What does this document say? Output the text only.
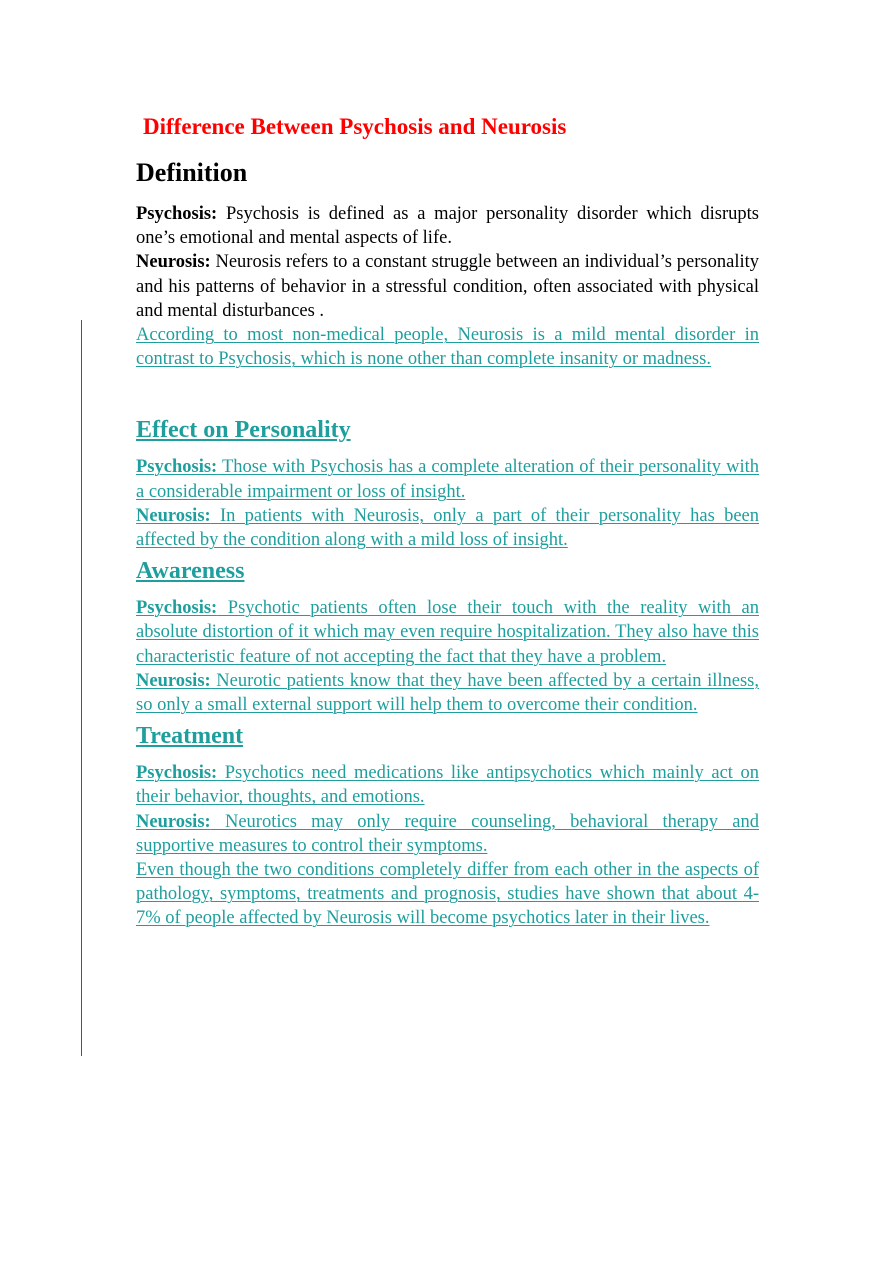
Difference Between Psychosis and Neurosis
Definition

Psychosis: Psychosis is defined as a major personality disorder which disrupts one’s emotional and mental aspects of life.

Neurosis: Neurosis refers to a constant struggle between an individual’s personality and his patterns of behavior in a stressful condition, often associated with physical and mental disturbances .

According to most non-medical people, Neurosis is a mild mental disorder in contrast to Psychosis, which is none other than complete insanity or madness.

Effect on Personality

Psychosis: Those with Psychosis has a complete alteration of their personality with a considerable impairment or loss of insight.

Neurosis: In patients with Neurosis, only a part of their personality has been affected by the condition along with a mild loss of insight.

Awareness

Psychosis: Psychotic patients often lose their touch with the reality with an absolute distortion of it which may even require hospitalization. They also have this characteristic feature of not accepting the fact that they have a problem.

Neurosis: Neurotic patients know that they have been affected by a certain illness, so only a small external support will help them to overcome their condition.

Treatment

Psychosis: Psychotics need medications like antipsychotics which mainly act on their behavior, thoughts, and emotions.

Neurosis: Neurotics may only require counseling, behavioral therapy and supportive measures to control their symptoms.

Even though the two conditions completely differ from each other in the aspects of pathology, symptoms, treatments and prognosis, studies have shown that about 4-7% of people affected by Neurosis will become psychotics later in their lives.
